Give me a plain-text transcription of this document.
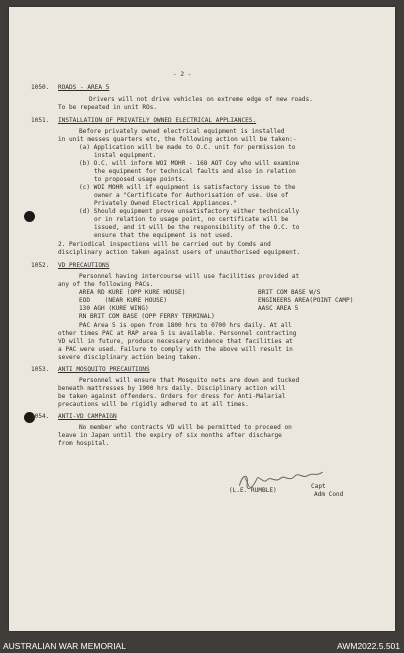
- 2 -
1050. ROADS - AREA 5
Drivers will not drive vehicles on extreme edge of new roads.
To be repeated in unit ROs.
1051. INSTALLATION OF PRIVATELY OWNED ELECTRICAL APPLIANCES.
Before privately owned electrical equipment is installed
in unit messes quarters etc, the following action will be taken:-
(a) Application will be made to O.C. unit for permission to
instal equipment.
(b) O.C. will inform WOI MOHR - 168 AOT Coy who will examine
the equipment for technical faults and also in relation
to proposed usage points.
(c) WOI MOHR will if equipment is satisfactory issue to the
owner a "Certificate for Authorisation of use. Use of
Privately Owned Electrical Appliances."
(d) Should equipment prove unsatisfactory either technically
or in relation to usage point, no certificate will be
issued, and it will be the responsibility of the O.C. to
ensure that the equipment is not used.
2. Periodical inspections will be carried out by Comds and
disciplinary action taken against users of unauthorised equipment.
1052. VD PRECAUTIONS
Personnel having intercourse will use facilities provided at
any of the following PACs.
AREA RD KURE (OPP KURE HOUSE)
EOD    (NEAR KURE HOUSE)
130 AGH (KURE WING)
RN BRIT COM BASE (OPP FERRY TERMINAL)
BRIT COM BASE W/S
ENGINEERS AREA(POINT CAMP)
AASC AREA 5
PAC Area 5 is open from 1800 hrs to 0700 hrs daily. At all
other times PAC at RAP area 5 is available. Personnel contracting
VD will in future, produce necessary evidence that facilities at
a PAC were used. Failure to comply with the above will result in
severe disciplinary action being taken.
1053. ANTI MOSQUITO PRECAUTIONS
Personnel will ensure that Mosquito nets are down and tucked
beneath mattresses by 1900 hrs daily. Disciplinary action will
be taken against offenders. Orders for dress for Anti-Malarial
precautions will be rigidly adhered to at all times.
1054. ANTI-VD CAMPAIGN
No member who contracts VD will be permitted to proceed on
leave in Japan until the expiry of six months after discharge
from hospital.
(L.E. RUMBLE)
Capt
Adm Cond
AUSTRALIAN WAR MEMORIAL	AWM2022.5.501
